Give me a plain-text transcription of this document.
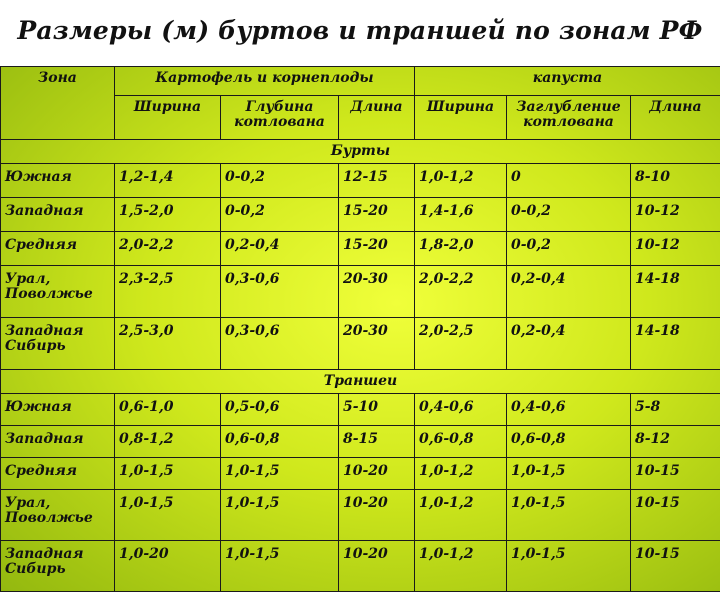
Размеры (м) буртов и траншей по зонам РФ
Зона	Картофель и корнеплоды			капуста		
	Ширина	Глубина котлована	Длина	Ширина	Заглубление котлована	Длина
Бурты						
Южная	1,2-1,4	0-0,2	12-15	1,0-1,2	0	8-10
Западная	1,5-2,0	0-0,2	15-20	1,4-1,6	0-0,2	10-12
Средняя	2,0-2,2	0,2-0,4	15-20	1,8-2,0	0-0,2	10-12
Урал, Поволжье	2,3-2,5	0,3-0,6	20-30	2,0-2,2	0,2-0,4	14-18
Западная Сибирь	2,5-3,0	0,3-0,6	20-30	2,0-2,5	0,2-0,4	14-18
Траншеи						
Южная	0,6-1,0	0,5-0,6	5-10	0,4-0,6	0,4-0,6	5-8
Западная	0,8-1,2	0,6-0,8	8-15	0,6-0,8	0,6-0,8	8-12
Средняя	1,0-1,5	1,0-1,5	10-20	1,0-1,2	1,0-1,5	10-15
Урал, Поволжье	1,0-1,5	1,0-1,5	10-20	1,0-1,2	1,0-1,5	10-15
Западная Сибирь	1,0-20	1,0-1,5	10-20	1,0-1,2	1,0-1,5	10-15
